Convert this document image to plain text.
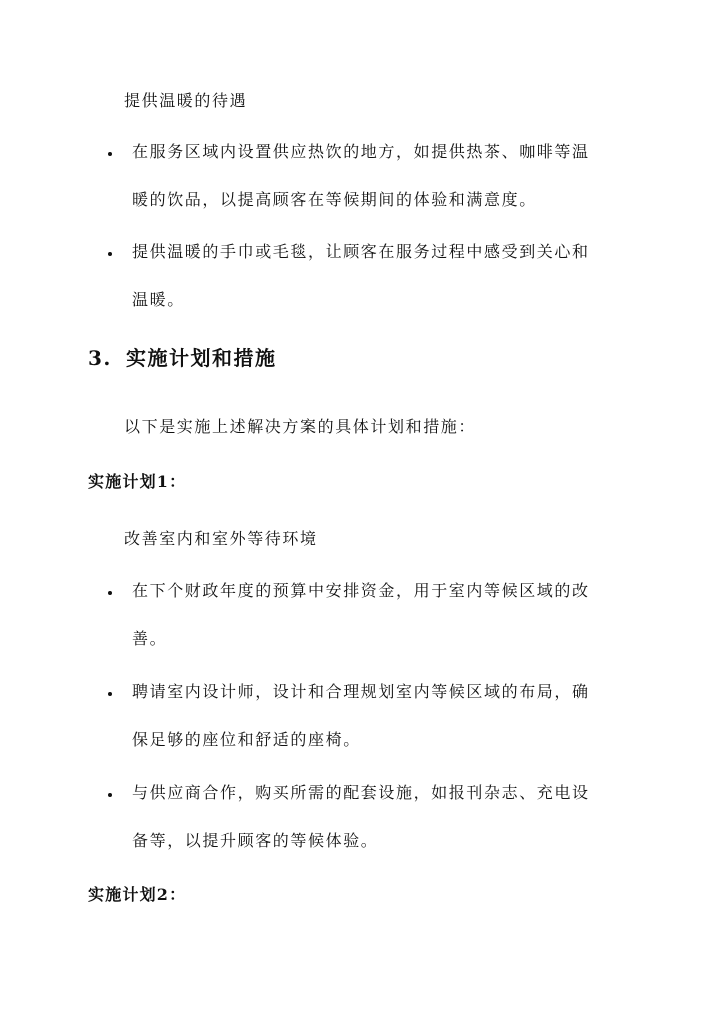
提供温暖的待遇
在服务区域内设置供应热饮的地方，如提供热茶、咖啡等温
暖的饮品，以提高顾客在等候期间的体验和满意度。
提供温暖的手巾或毛毯，让顾客在服务过程中感受到关心和
温暖。
3. 实施计划和措施
以下是实施上述解决方案的具体计划和措施：
实施计划1：
改善室内和室外等待环境
在下个财政年度的预算中安排资金，用于室内等候区域的改
善。
聘请室内设计师，设计和合理规划室内等候区域的布局，确
保足够的座位和舒适的座椅。
与供应商合作，购买所需的配套设施，如报刊杂志、充电设
备等，以提升顾客的等候体验。
实施计划2：
